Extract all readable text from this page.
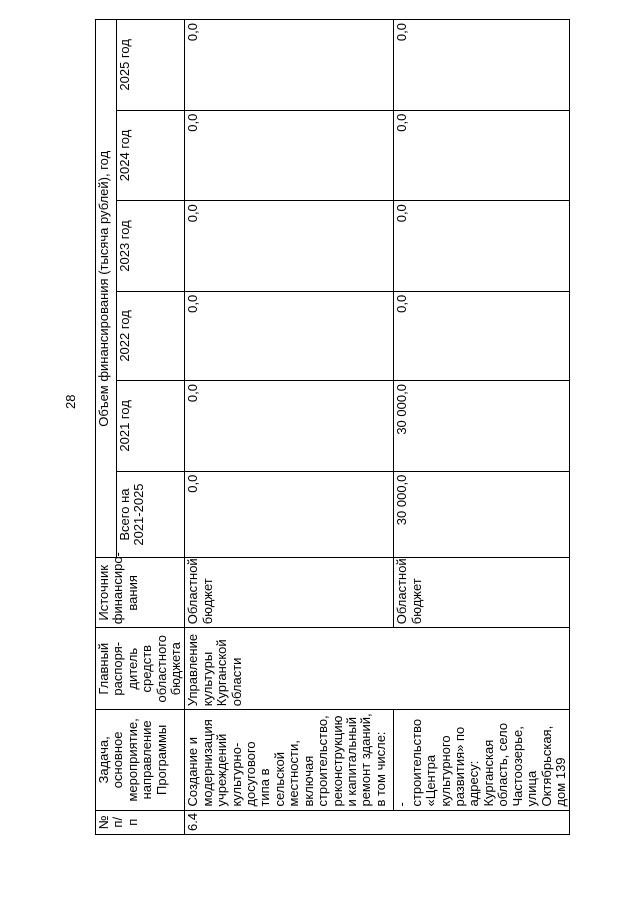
28
№ п/п	Задача, основное мероприятие, направление Программы	Главный распоря-дитель средств областного бюджета	Источник финансиро-вания	Объем финансирования (тысяча рублей), год					
				Всего на 2021-2025	2021 год	2022 год	2023 год	2024 год	2025 год
6.4	Создание и модернизация учреждений культурно-досугового типа в сельской местности, включая строительство, реконструкцию и капитальный ремонт зданий, в том числе:	Управление культуры Курганской области	Областной бюджет	0,0	0,0	0,0	0,0	0,0	0,0
	- строительство «Центра культурного развития» по адресу: Курганская область, село Частоозерье, улица Октябрьская, дом 139		Областной бюджет	30 000,0	30 000,0	0,0	0,0	0,0	0,0
